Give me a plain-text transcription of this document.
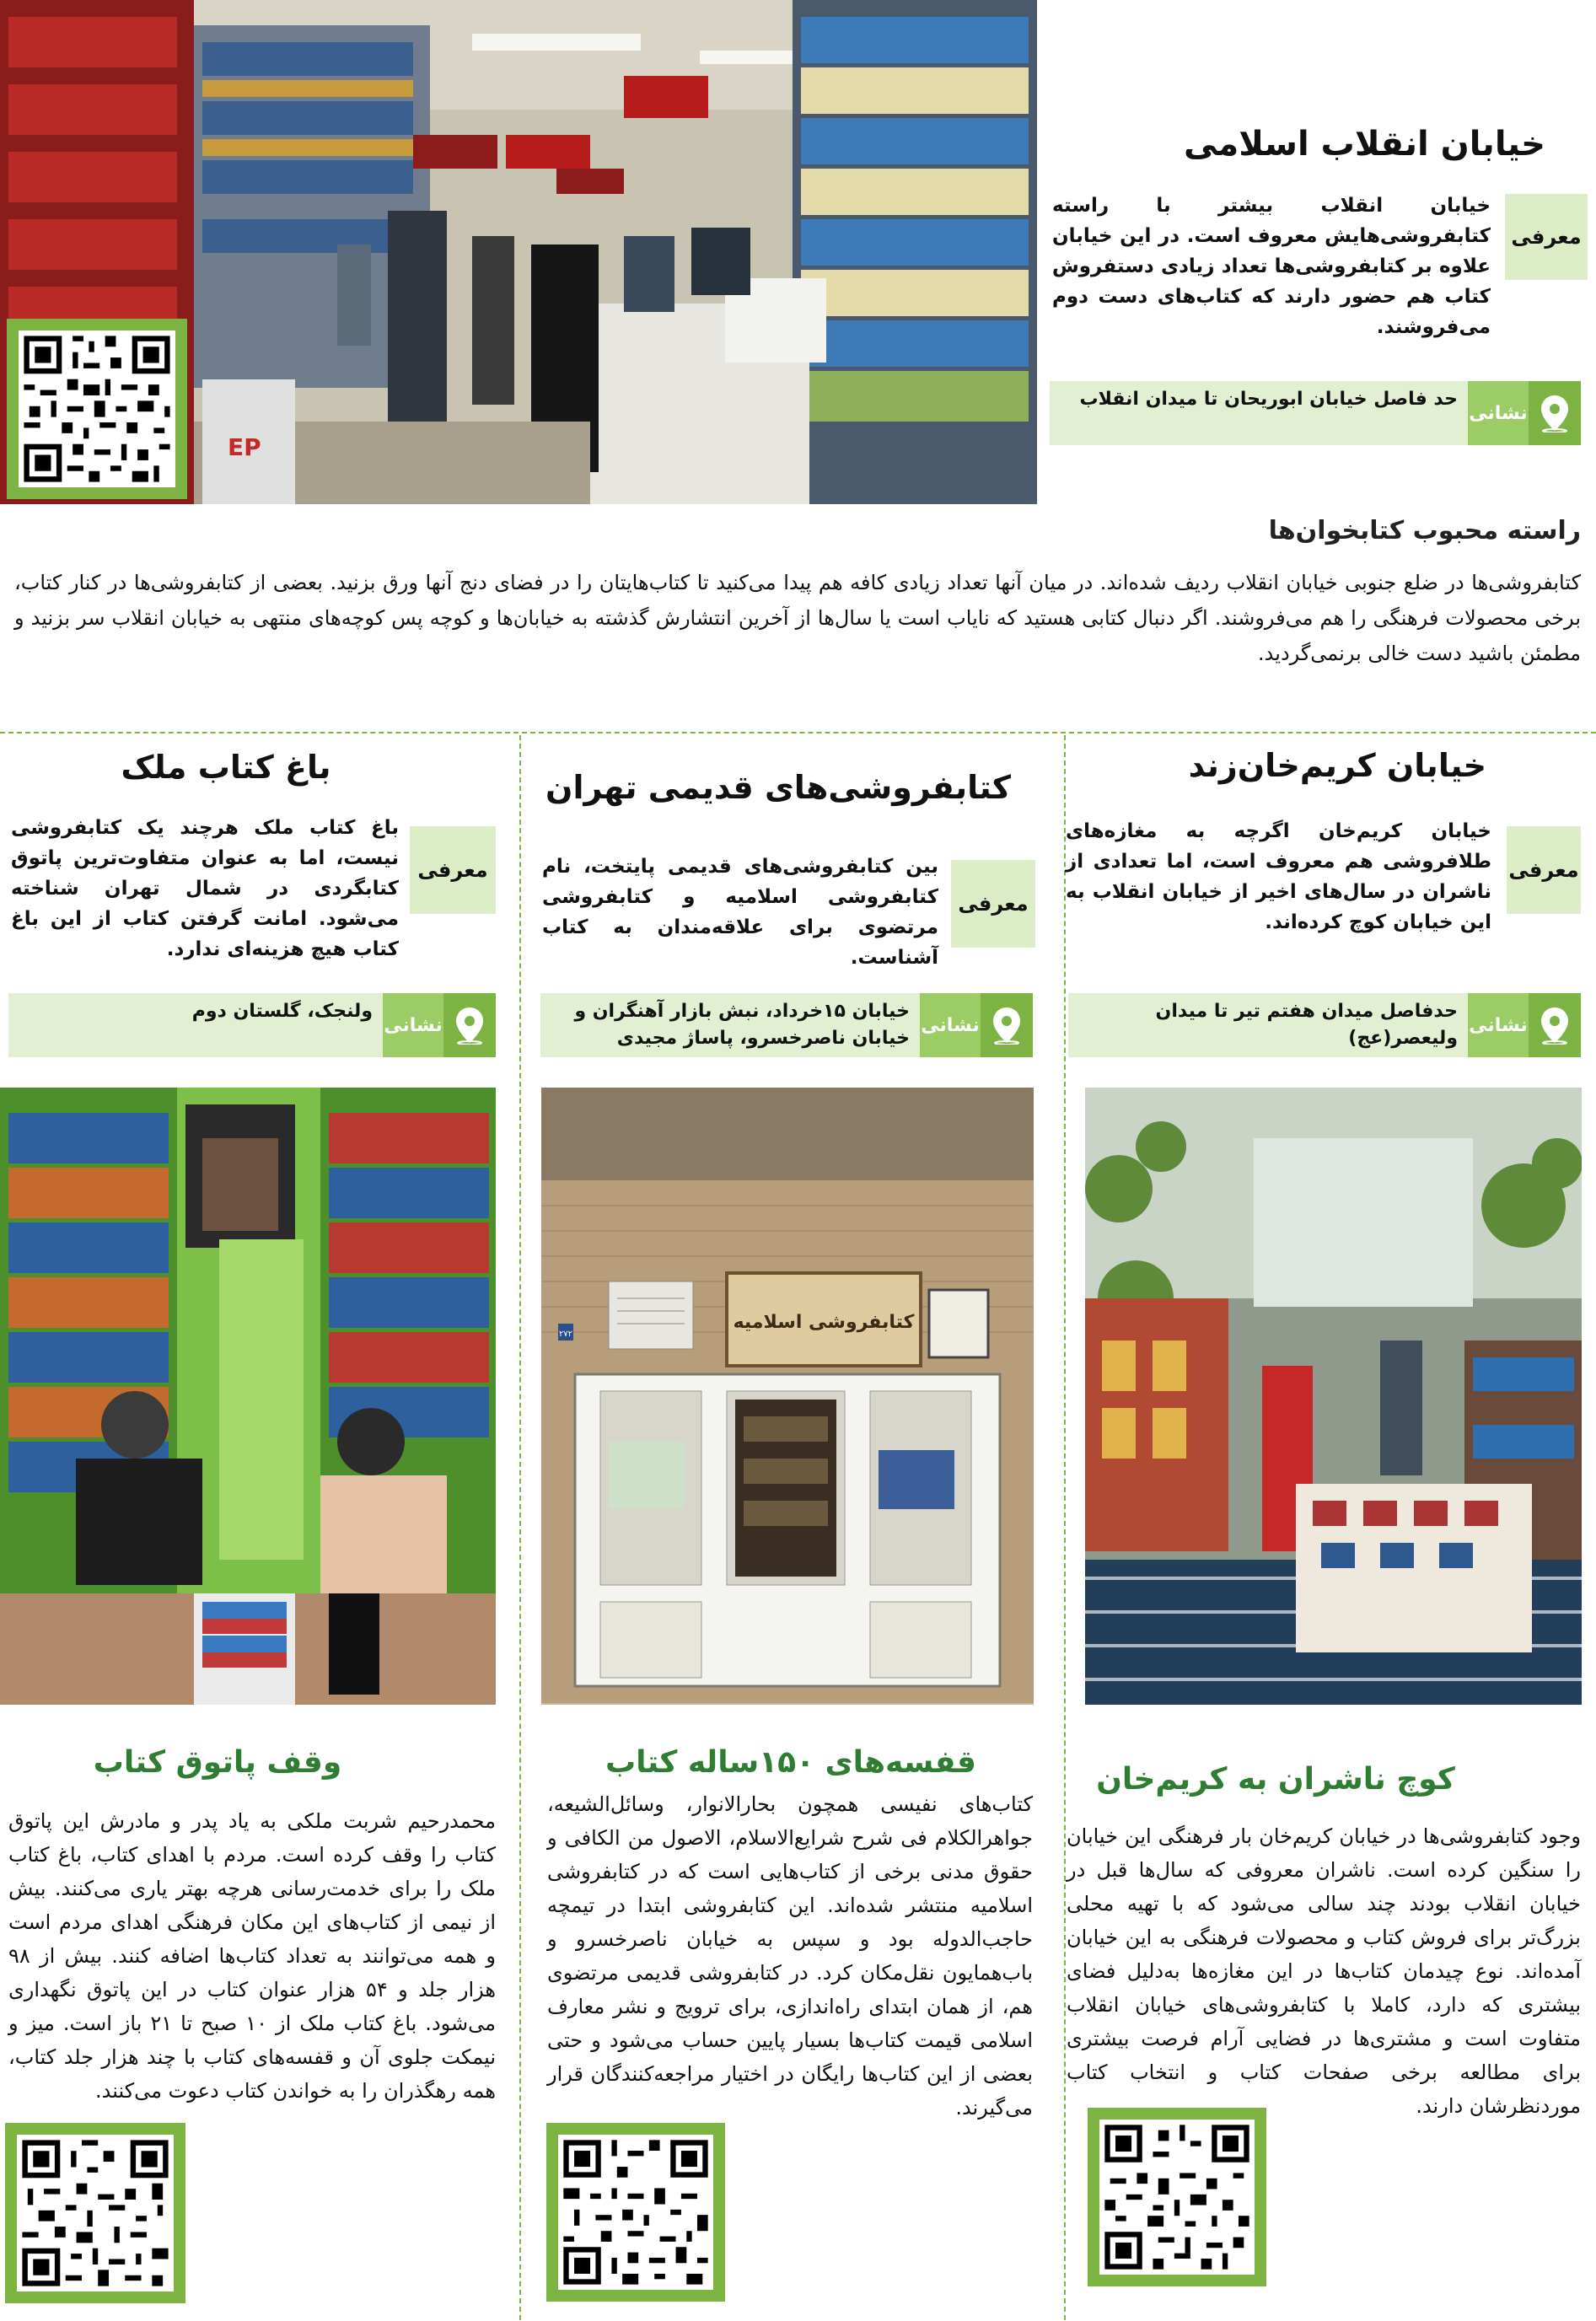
EP
خیابان انقلاب اسلامی
معرفی
خیابان انقلاب بیشتر با راسته کتابفروشی‌هایش معروف است. در این خیابان علاوه بر کتابفروشی‌ها تعداد زیادی دستفروش کتاب هم حضور دارند که کتاب‌های دست دوم می‌فروشند.
نشانی
حد فاصل خیابان ابوریحان تا میدان انقلاب
راسته محبوب کتابخوان‌ها
کتابفروشی‌ها در ضلع جنوبی خیابان انقلاب ردیف شده‌اند. در میان آنها تعداد زیادی کافه هم پیدا می‌کنید تا کتاب‌هایتان را در فضای دنج آنها ورق بزنید. بعضی از کتابفروشی‌ها در کنار کتاب، برخی محصولات فرهنگی را هم می‌فروشند. اگر دنبال کتابی هستید که نایاب است یا سال‌ها از آخرین انتشارش گذشته به خیابان‌ها و کوچه پس کوچه‌های منتهی به خیابان انقلاب سر بزنید و مطمئن باشید دست خالی برنمی‌گردید.
خیابان کریم‌خان‌زند
معرفی
خیابان کریم‌خان اگرچه به مغازه‌های طلافروشی هم معروف است، اما تعدادی از ناشران در سال‌های اخیر از خیابان انقلاب به این خیابان کوچ کرده‌اند.
نشانی
حدفاصل میدان هفتم تیر تا میدان ولیعصر(عج)
کوچ ناشران به کریم‌خان
وجود کتابفروشی‌ها در خیابان کریم‌خان بار فرهنگی این خیابان را سنگین کرده است. ناشران معروفی که سال‌ها قبل در خیابان انقلاب بودند چند سالی می‌شود که با تهیه محلی بزرگ‌تر برای فروش کتاب و محصولات فرهنگی به این خیابان آمده‌اند. نوع چیدمان کتاب‌ها در این مغازه‌ها به‌دلیل فضای بیشتری که دارد، کاملا با کتابفروشی‌های خیابان انقلاب متفاوت است و مشتری‌ها در فضایی آرام فرصت بیشتری برای مطالعه برخی صفحات کتاب و انتخاب کتاب موردنظرشان دارند.
کتابفروشی‌های قدیمی تهران
معرفی
بین کتابفروشی‌های قدیمی پایتخت، نام کتابفروشی اسلامیه و کتابفروشی مرتضوی برای علاقه‌مندان به کتاب آشناست.
نشانی
خیابان ۱۵خرداد، نبش بازار آهنگران و خیابان ناصرخسرو، پاساژ مجیدی
کتابفروشی اسلامیه
۲۷۲
قفسه‌های ۱۵۰ساله کتاب
کتاب‌های نفیسی همچون بحارالانوار، وسائل‌الشیعه، جواهرالکلام فی شرح شرایع‌الاسلام، الاصول من الکافی و حقوق مدنی برخی از کتاب‌هایی است که در کتابفروشی اسلامیه منتشر شده‌اند. این کتابفروشی ابتدا در تیمچه حاجب‌الدوله بود و سپس به خیابان ناصرخسرو و باب‌همایون نقل‌مکان کرد. در کتابفروشی قدیمی مرتضوی هم، از همان ابتدای راه‌اندازی، برای ترویج و نشر معارف اسلامی قیمت کتاب‌ها بسیار پایین حساب می‌شود و حتی بعضی از این کتاب‌ها رایگان در اختیار مراجعه‌کنندگان قرار می‌گیرند.
باغ کتاب ملک
معرفی
باغ کتاب ملک هرچند یک کتابفروشی نیست، اما به عنوان متفاوت‌ترین پاتوق کتابگردی در شمال تهران شناخته می‌شود. امانت گرفتن کتاب از این باغ کتاب هیچ هزینه‌ای ندارد.
نشانی
ولنجک، گلستان دوم
وقف پاتوق کتاب
محمدرحیم شربت ملکی به یاد پدر و مادرش این پاتوق کتاب را وقف کرده است. مردم با اهدای کتاب، باغ کتاب ملک را برای خدمت‌رسانی هرچه بهتر یاری می‌کنند. بیش از نیمی از کتاب‌های این مکان فرهنگی اهدای مردم است و همه می‌توانند به تعداد کتاب‌ها اضافه کنند. بیش از ۹۸ هزار جلد و ۵۴ هزار عنوان کتاب در این پاتوق نگهداری می‌شود. باغ کتاب ملک از ۱۰ صبح تا ۲۱ باز است. میز و نیمکت جلوی آن و قفسه‌های کتاب با چند هزار جلد کتاب، همه رهگذران را به خواندن کتاب دعوت می‌کنند.
